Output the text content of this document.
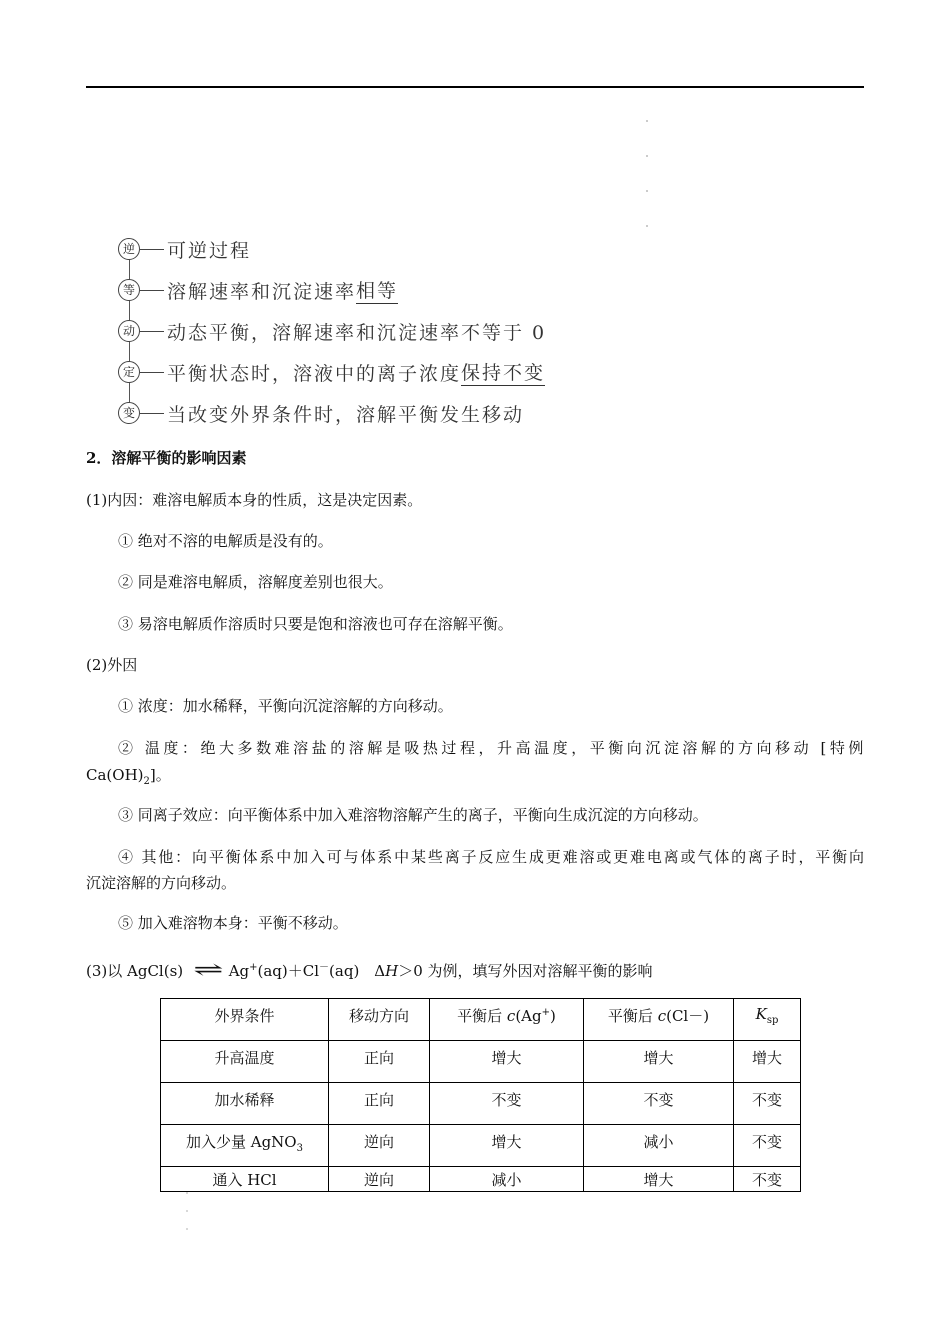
逆 可逆过程
等 溶解速率和沉淀速率 相等
动 动态平衡，溶解速率和沉淀速率不等于 0
定 平衡状态时，溶液中的离子浓度 保持不变
变 当改变外界条件时，溶解平衡发生移动
2．溶解平衡的影响因素
(1)内因：难溶电解质本身的性质，这是决定因素。
① 绝对不溶的电解质是没有的。
② 同是难溶电解质，溶解度差别也很大。
③ 易溶电解质作溶质时只要是饱和溶液也可存在溶解平衡。
(2)外因
① 浓度：加水稀释，平衡向沉淀溶解的方向移动。
② 温度：绝大多数难溶盐的溶解是吸热过程，升高温度，平衡向沉淀溶解的方向移动 [特例
$Ca(OH)_2$]。
③ 同离子效应：向平衡体系中加入难溶物溶解产生的离子，平衡向生成沉淀的方向移动。
④ 其他：向平衡体系中加入可与体系中某些离子反应生成更难溶或更难电离或气体的离子时，平衡向
沉淀溶解的方向移动。
⑤ 加入难溶物本身：平衡不移动。
(3)以 AgCl(s) ⇌ Ag+(aq)＋Cl－(aq)　ΔH＞0 为例，填写外因对溶解平衡的影响
外界条件	移动方向	平衡后 c(Ag+)	平衡后 c(Cl－)	$K_{sp}$
升高温度	正向	增大	增大	增大
加水稀释	正向	不变	不变	不变
加入少量 AgNO$_3$	逆向	增大	减小	不变
通入 HCl	逆向	减小	增大	不变
